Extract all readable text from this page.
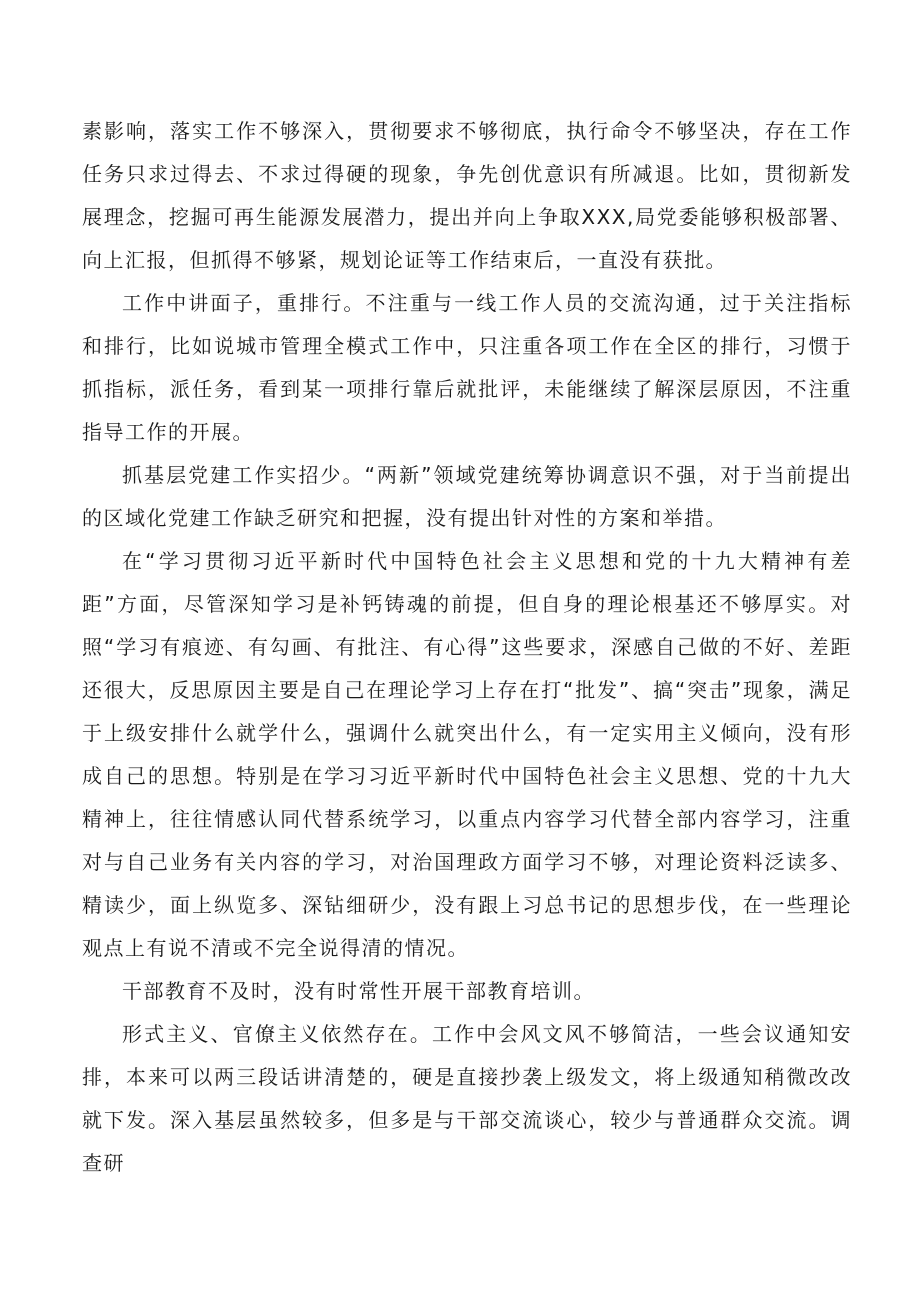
素影响，落实工作不够深入，贯彻要求不够彻底，执行命令不够坚决，存在工作任务只求过得去、不求过得硬的现象，争先创优意识有所减退。比如，贯彻新发展理念，挖掘可再生能源发展潜力，提出并向上争取XXX,局党委能够积极部署、向上汇报，但抓得不够紧，规划论证等工作结束后，一直没有获批。

工作中讲面子，重排行。不注重与一线工作人员的交流沟通，过于关注指标和排行，比如说城市管理全模式工作中，只注重各项工作在全区的排行，习惯于抓指标，派任务，看到某一项排行靠后就批评，未能继续了解深层原因，不注重指导工作的开展。

抓基层党建工作实招少。“两新”领域党建统筹协调意识不强，对于当前提出的区域化党建工作缺乏研究和把握，没有提出针对性的方案和举措。

在“学习贯彻习近平新时代中国特色社会主义思想和党的十九大精神有差距”方面，尽管深知学习是补钙铸魂的前提，但自身的理论根基还不够厚实。对照“学习有痕迹、有勾画、有批注、有心得”这些要求，深感自己做的不好、差距还很大，反思原因主要是自己在理论学习上存在打“批发”、搞“突击”现象，满足于上级安排什么就学什么，强调什么就突出什么，有一定实用主义倾向，没有形成自己的思想。特别是在学习习近平新时代中国特色社会主义思想、党的十九大精神上，往往情感认同代替系统学习，以重点内容学习代替全部内容学习，注重对与自己业务有关内容的学习，对治国理政方面学习不够，对理论资料泛读多、精读少，面上纵览多、深钻细研少，没有跟上习总书记的思想步伐，在一些理论观点上有说不清或不完全说得清的情况。

干部教育不及时，没有时常性开展干部教育培训。

形式主义、官僚主义依然存在。工作中会风文风不够简洁，一些会议通知安排，本来可以两三段话讲清楚的，硬是直接抄袭上级发文，将上级通知稍微改改就下发。深入基层虽然较多，但多是与干部交流谈心，较少与普通群众交流。调查研
